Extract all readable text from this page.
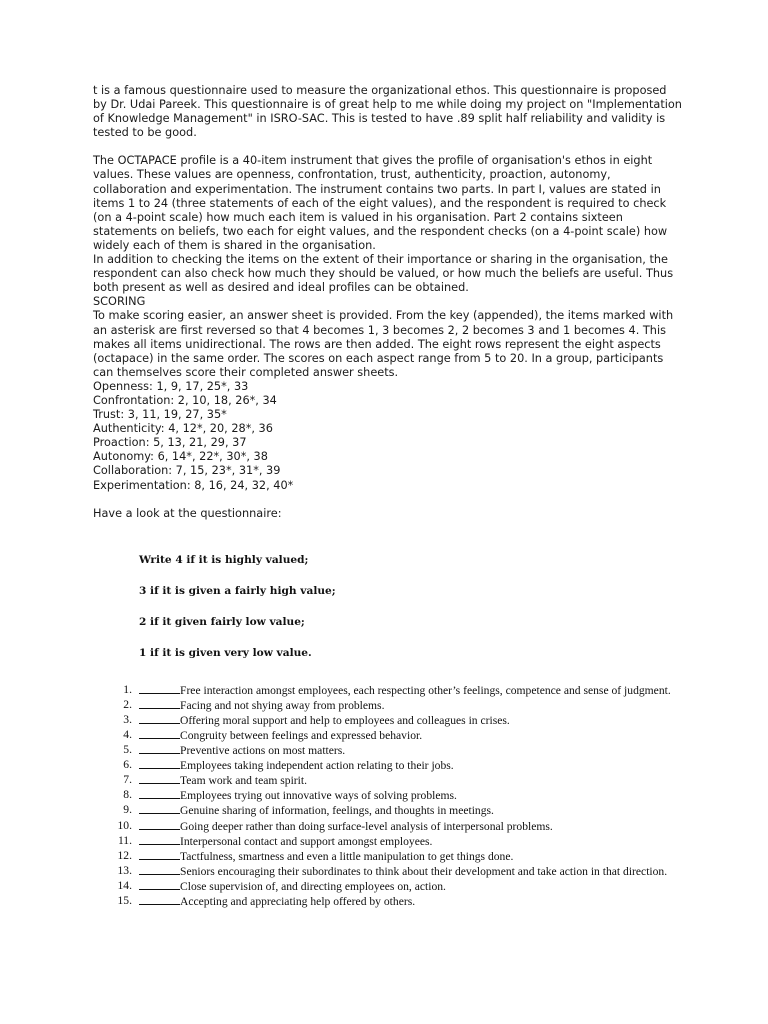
t is a famous questionnaire used to measure the organizational ethos. This questionnaire is proposed by Dr. Udai Pareek. This questionnaire is of great help to me while doing my project on "Implementation of Knowledge Management" in ISRO-SAC. This is tested to have .89 split half reliability and validity is tested to be good.

The OCTAPACE profile is a 40-item instrument that gives the profile of organisation's ethos in eight values. These values are openness, confrontation, trust, authenticity, proaction, autonomy, collaboration and experimentation. The instrument contains two parts. In part I, values are stated in items 1 to 24 (three statements of each of the eight values), and the respondent is required to check (on a 4-point scale) how much each item is valued in his organisation. Part 2 contains sixteen statements on beliefs, two each for eight values, and the respondent checks (on a 4-point scale) how widely each of them is shared in the organisation.

In addition to checking the items on the extent of their importance or sharing in the organisation, the respondent can also check how much they should be valued, or how much the beliefs are useful. Thus both present as well as desired and ideal profiles can be obtained.

SCORING

To make scoring easier, an answer sheet is provided. From the key (appended), the items marked with an asterisk are first reversed so that 4 becomes 1, 3 becomes 2, 2 becomes 3 and 1 becomes 4. This makes all items unidirectional. The rows are then added. The eight rows represent the eight aspects (octapace) in the same order. The scores on each aspect range from 5 to 20. In a group, participants can themselves score their completed answer sheets.

Openness: 1, 9, 17, 25*, 33

Confrontation: 2, 10, 18, 26*, 34

Trust: 3, 11, 19, 27, 35*

Authenticity: 4, 12*, 20, 28*, 36

Proaction: 5, 13, 21, 29, 37

Autonomy: 6, 14*, 22*, 30*, 38

Collaboration: 7, 15, 23*, 31*, 39

Experimentation: 8, 16, 24, 32, 40*

Have a look at the questionnaire:

Write 4 if it is highly valued;

3 if it is given a fairly high value;

2 if it given fairly low value;

1 if it is given very low value.

1.	Free interaction amongst employees, each respecting other’s feelings, competence and sense of judgment.
2.	Facing and not shying away from problems.
3.	Offering moral support and help to employees and colleagues in crises.
4.	Congruity between feelings and expressed behavior.
5.	Preventive actions on most matters.
6.	Employees taking independent action relating to their jobs.
7.	Team work and team spirit.
8.	Employees trying out innovative ways of solving problems.
9.	Genuine sharing of information, feelings, and thoughts in meetings.
10.	Going deeper rather than doing surface-level analysis of interpersonal problems.
11.	Interpersonal contact and support amongst employees.
12.	Tactfulness, smartness and even a little manipulation to get things done.
13.	Seniors encouraging their subordinates to think about their development and take action in that direction.
14.	Close supervision of, and directing employees on, action.
15.	Accepting and appreciating help offered by others.
